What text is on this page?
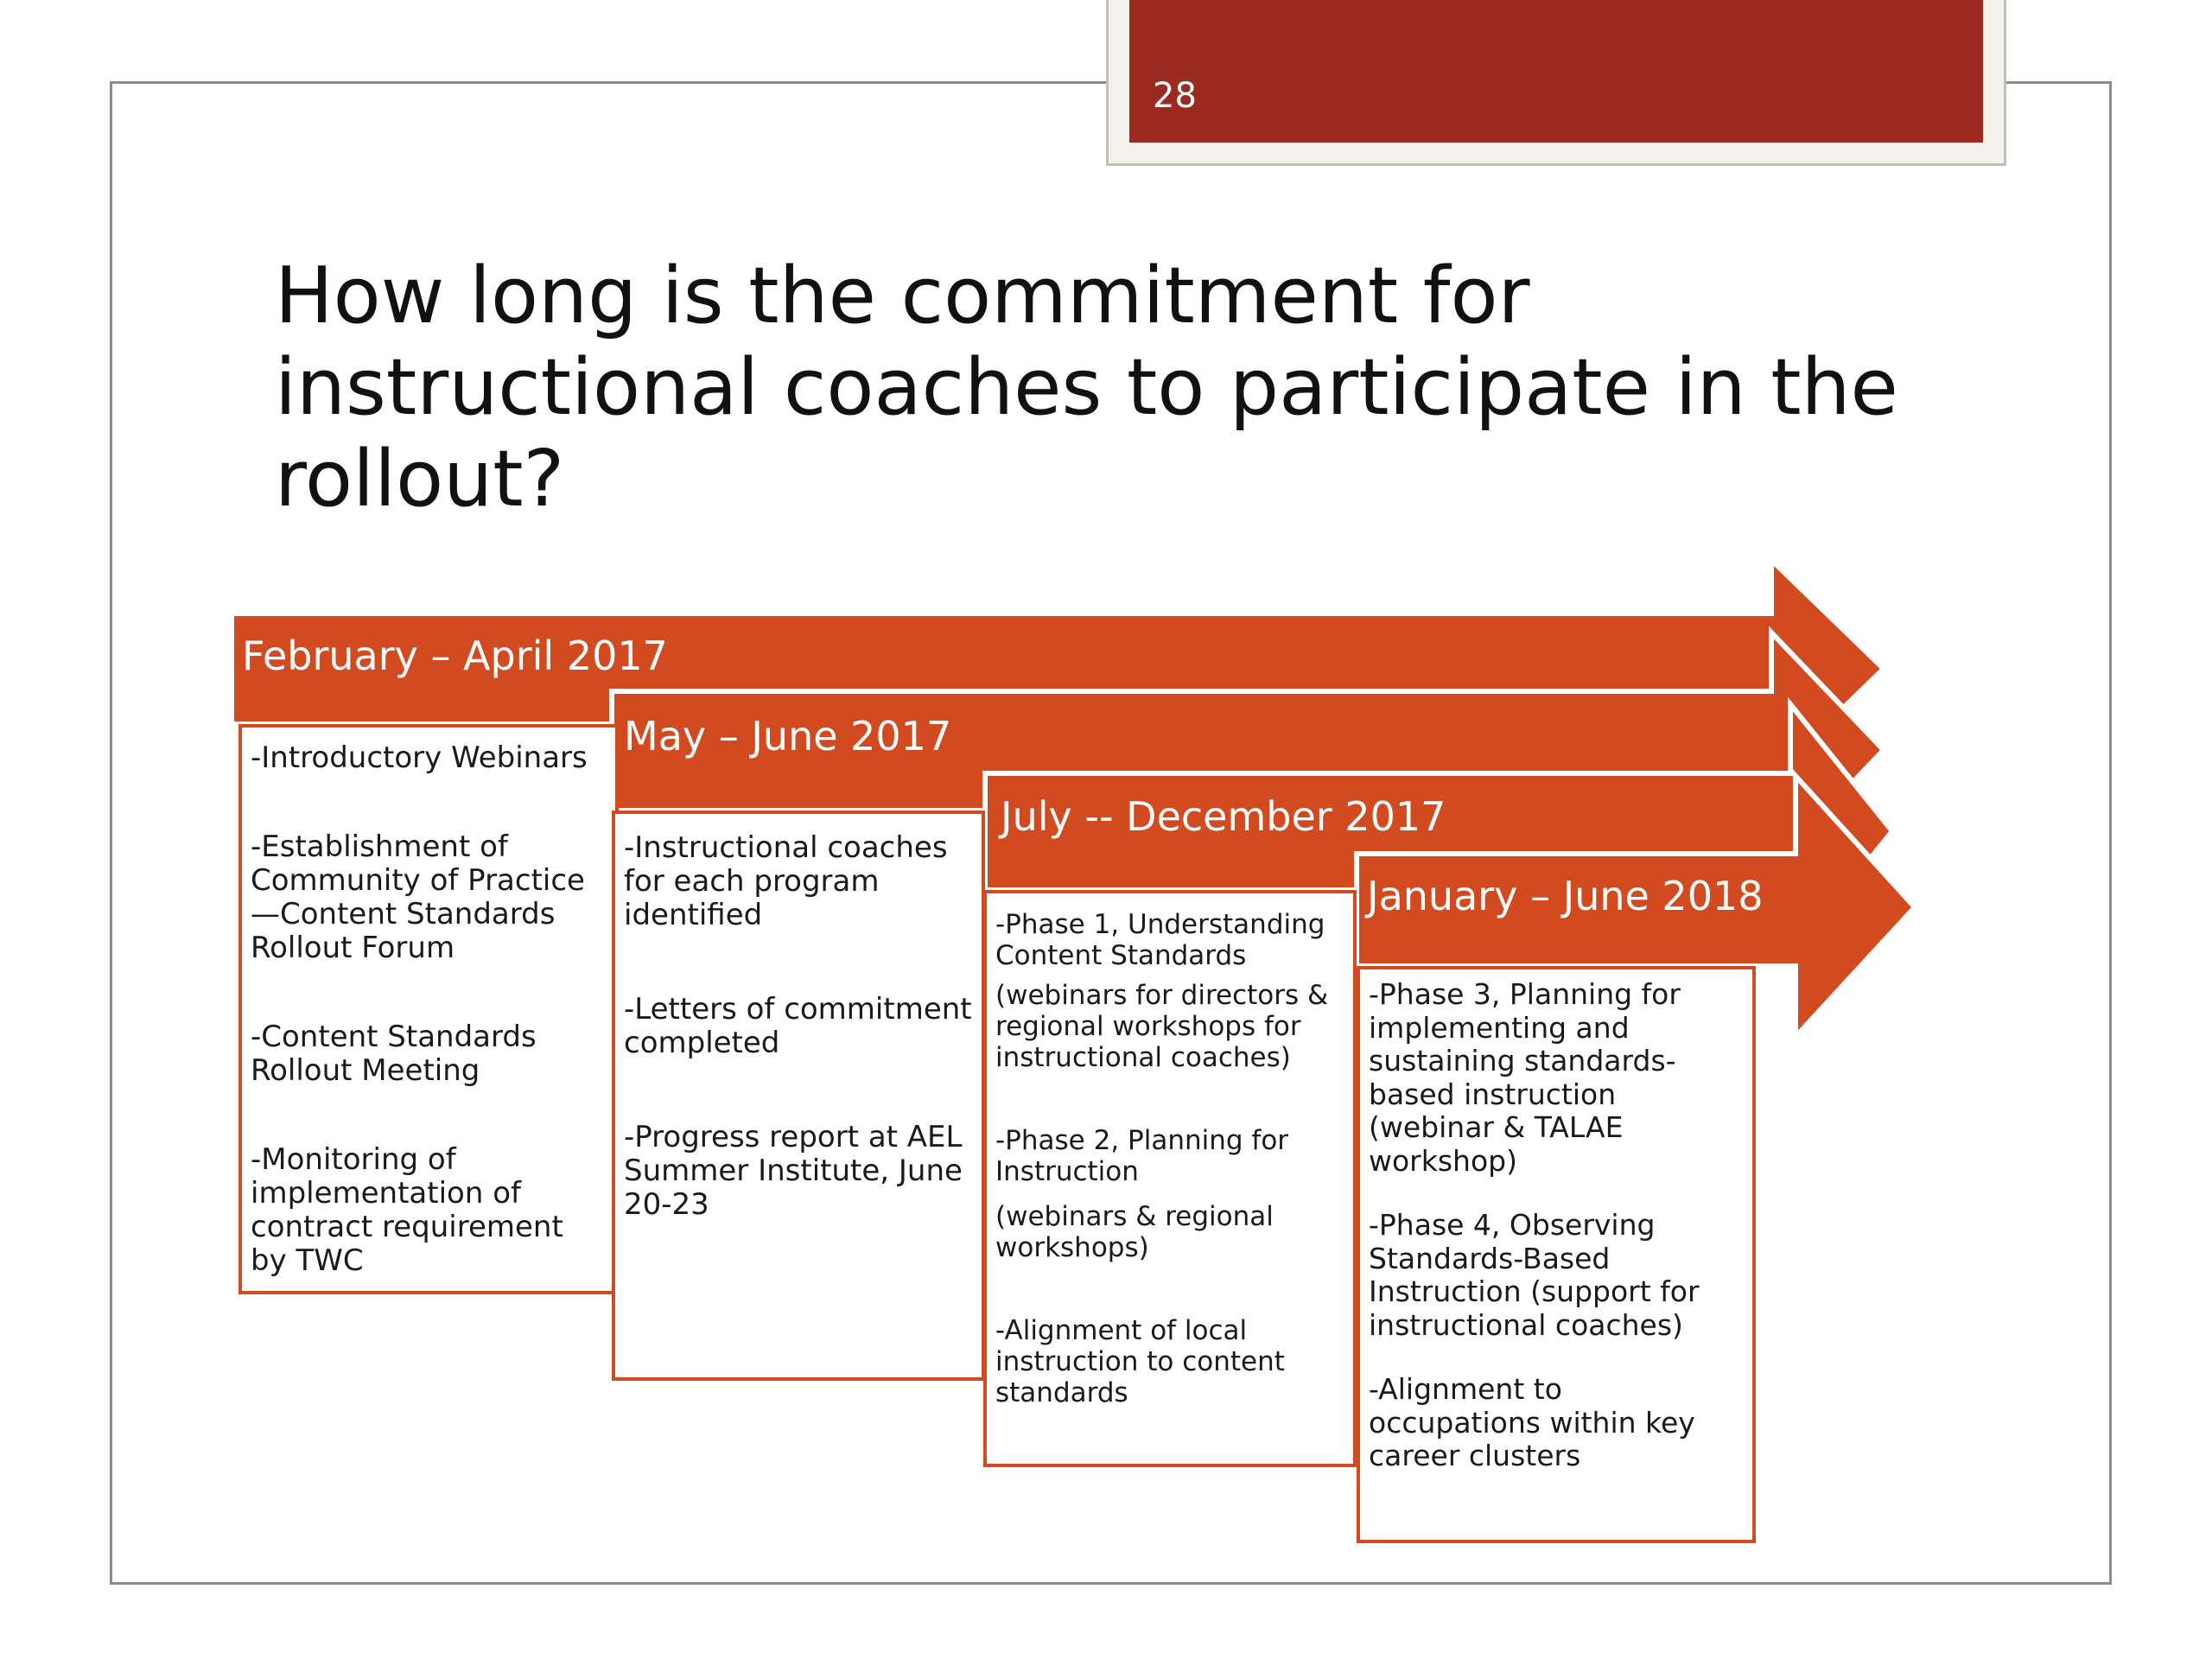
28
How long is the commitment for instructional coaches to participate in the rollout?
February – April 2017
May – June 2017
July -- December 2017
January – June 2018

-Introductory Webinars

-Establishment of Community of Practice—Content Standards Rollout Forum

-Content Standards Rollout Meeting

-Monitoring of implementation of contract requirement by TWC

-Instructional coaches for each program identified

-Letters of commitment completed

-Progress report at AEL Summer Institute, June 20-23

-Phase 1, Understanding Content Standards

(webinars for directors & regional workshops for instructional coaches)

-Phase 2, Planning for Instruction

(webinars & regional workshops)

-Alignment of local instruction to content standards

-Phase 3, Planning for implementing and sustaining standards-based instruction (webinar & TALAE workshop)

-Phase 4, Observing Standards-Based Instruction (support for instructional coaches)

-Alignment to occupations within key career clusters
